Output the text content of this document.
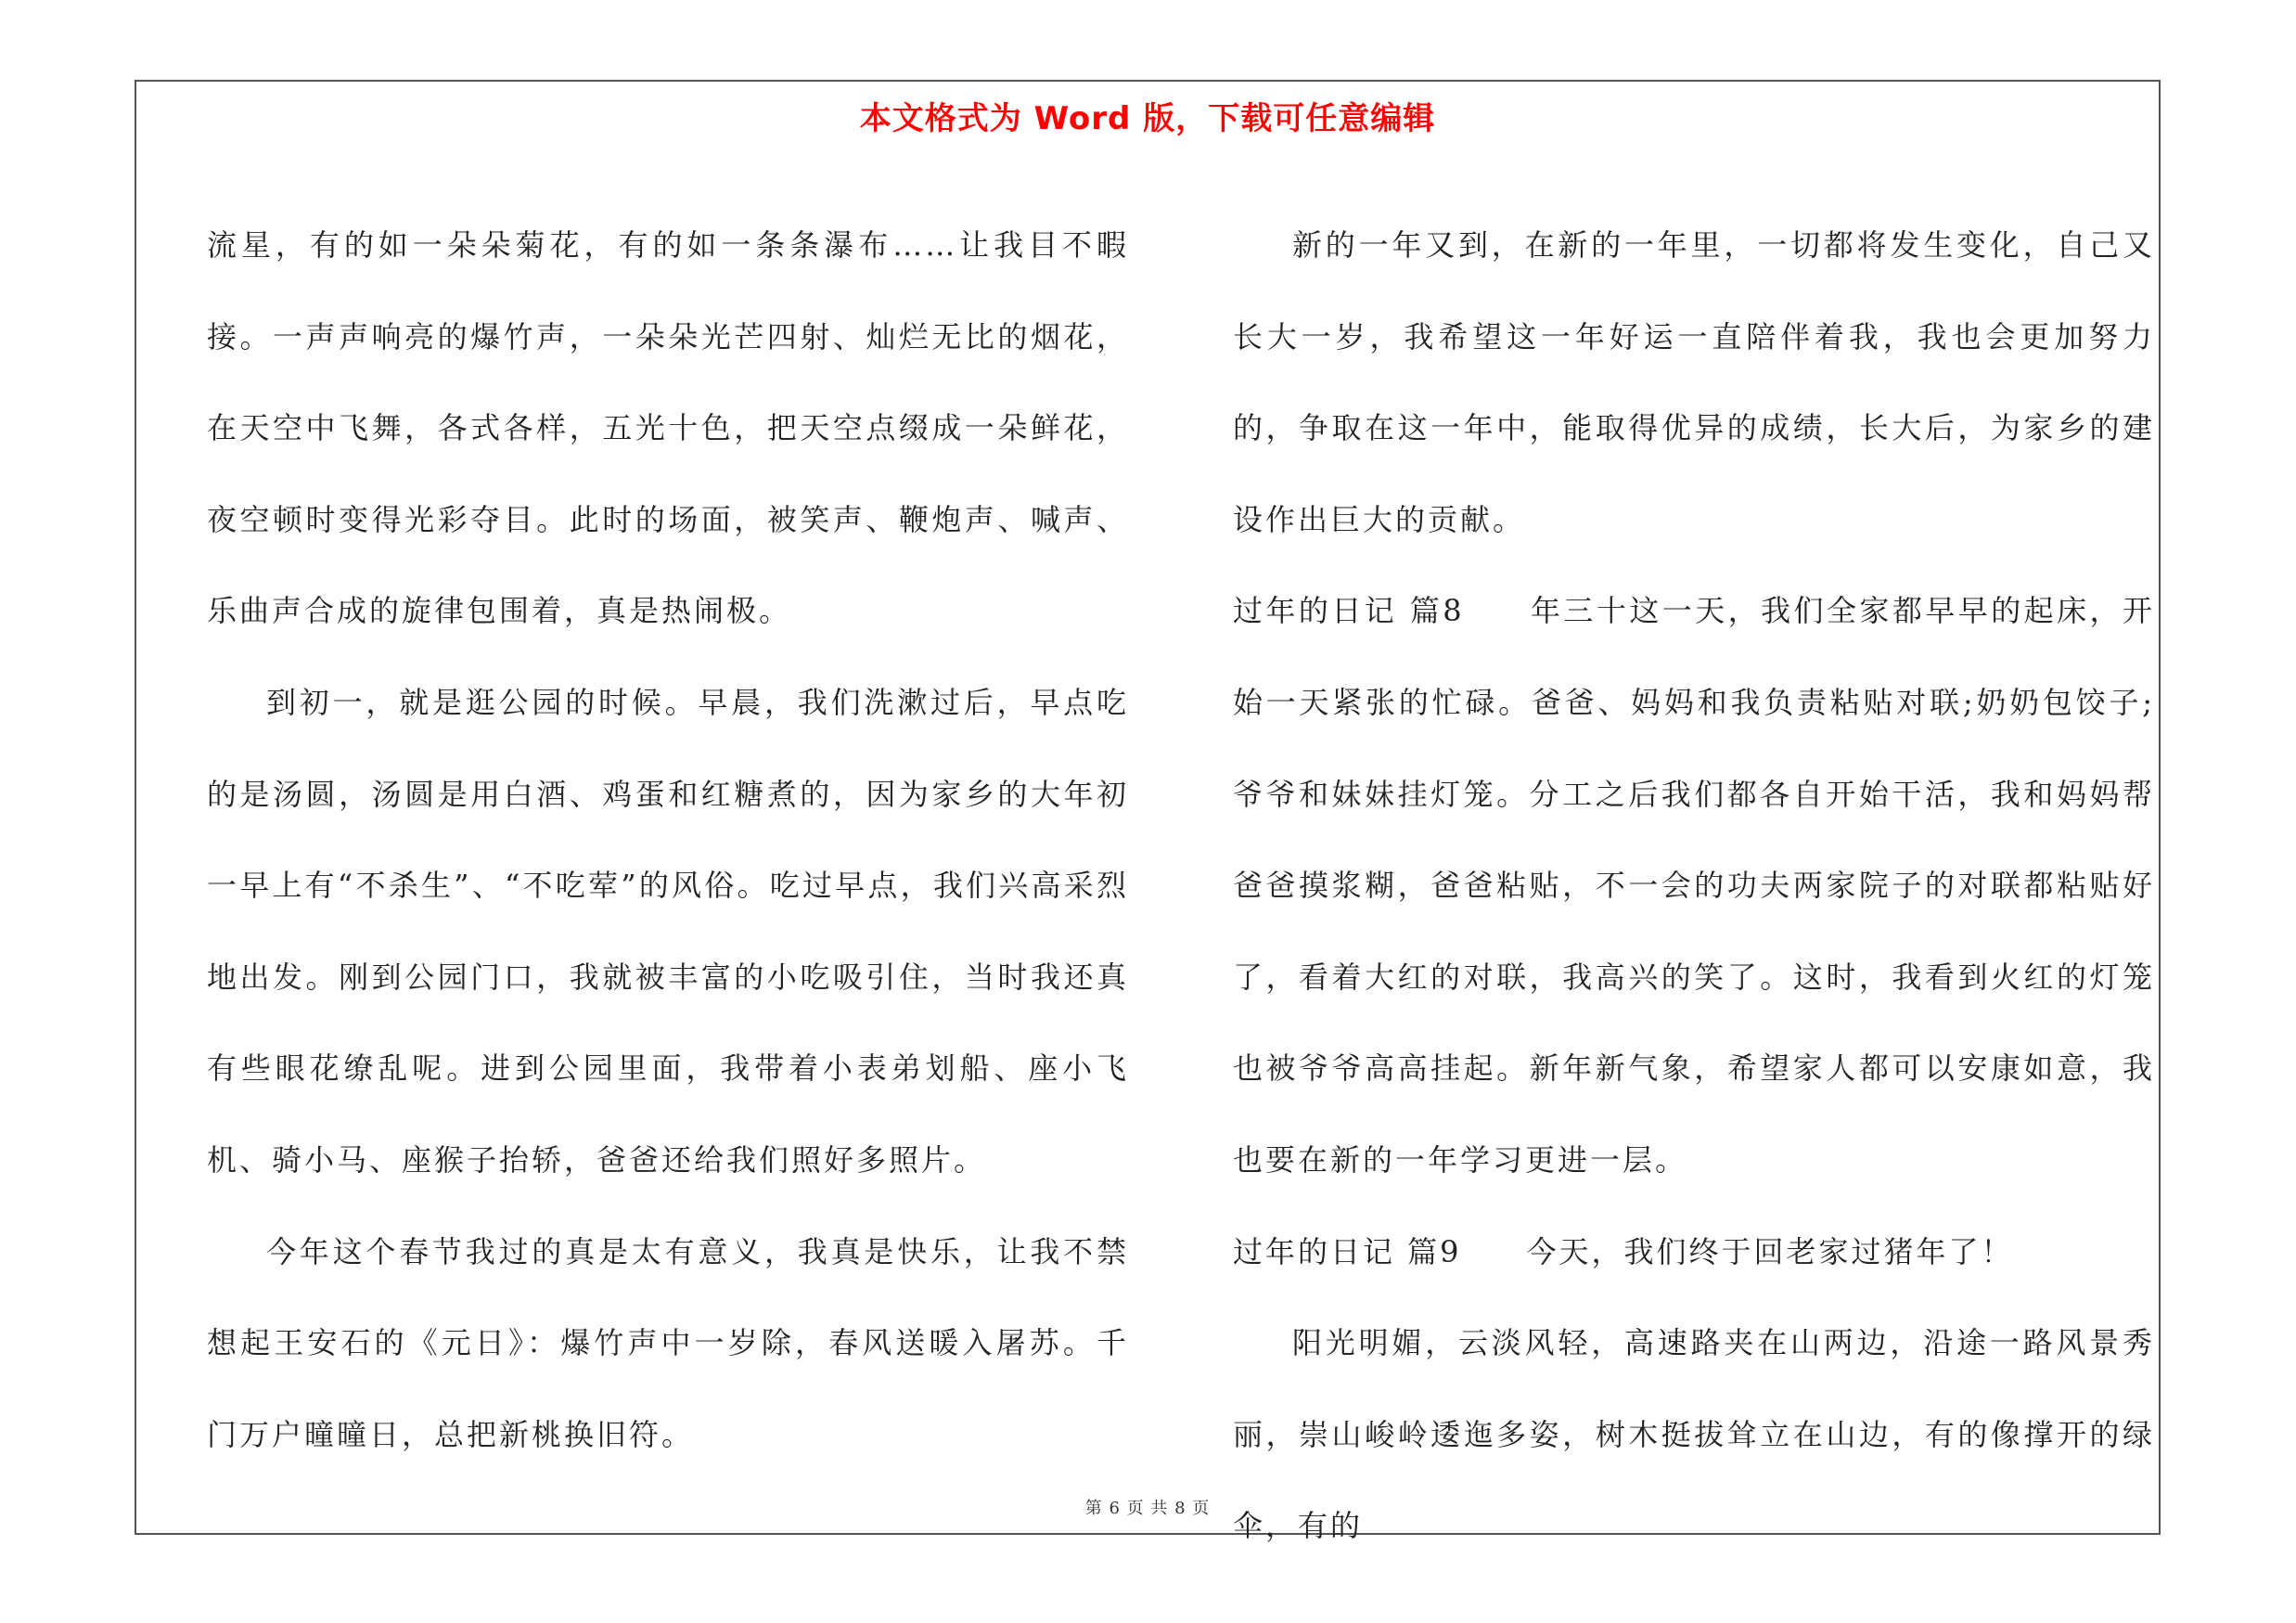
本文格式为 Word 版，下载可任意编辑

流星，有的如一朵朵菊花，有的如一条条瀑布……让我目不暇接。一声声响亮的爆竹声，一朵朵光芒四射、灿烂无比的烟花，在天空中飞舞，各式各样，五光十色，把天空点缀成一朵鲜花，夜空顿时变得光彩夺目。此时的场面，被笑声、鞭炮声、喊声、乐曲声合成的旋律包围着，真是热闹极。

到初一，就是逛公园的时候。早晨，我们洗漱过后，早点吃的是汤圆，汤圆是用白酒、鸡蛋和红糖煮的，因为家乡的大年初一早上有“不杀生”、“不吃荤”的风俗。吃过早点，我们兴高采烈地出发。刚到公园门口，我就被丰富的小吃吸引住，当时我还真有些眼花缭乱呢。进到公园里面，我带着小表弟划船、座小飞机、骑小马、座猴子抬轿，爸爸还给我们照好多照片。

今年这个春节我过的真是太有意义，我真是快乐，让我不禁想起王安石的《元日》：爆竹声中一岁除，春风送暖入屠苏。千门万户曈曈日，总把新桃换旧符。

新的一年又到，在新的一年里，一切都将发生变化，自己又长大一岁，我希望这一年好运一直陪伴着我，我也会更加努力的，争取在这一年中，能取得优异的成绩，长大后，为家乡的建设作出巨大的贡献。

过年的日记 篇8　　年三十这一天，我们全家都早早的起床，开始一天紧张的忙碌。爸爸、妈妈和我负责粘贴对联;奶奶包饺子;爷爷和妹妹挂灯笼。分工之后我们都各自开始干活，我和妈妈帮爸爸摸浆糊，爸爸粘贴，不一会的功夫两家院子的对联都粘贴好了，看着大红的对联，我高兴的笑了。这时，我看到火红的灯笼也被爷爷高高挂起。新年新气象，希望家人都可以安康如意，我也要在新的一年学习更进一层。

过年的日记 篇9　　今天，我们终于回老家过猪年了！

阳光明媚，云淡风轻，高速路夹在山两边，沿途一路风景秀丽，崇山峻岭逶迤多姿，树木挺拔耸立在山边，有的像撑开的绿伞，有的

第 6 页 共 8 页
